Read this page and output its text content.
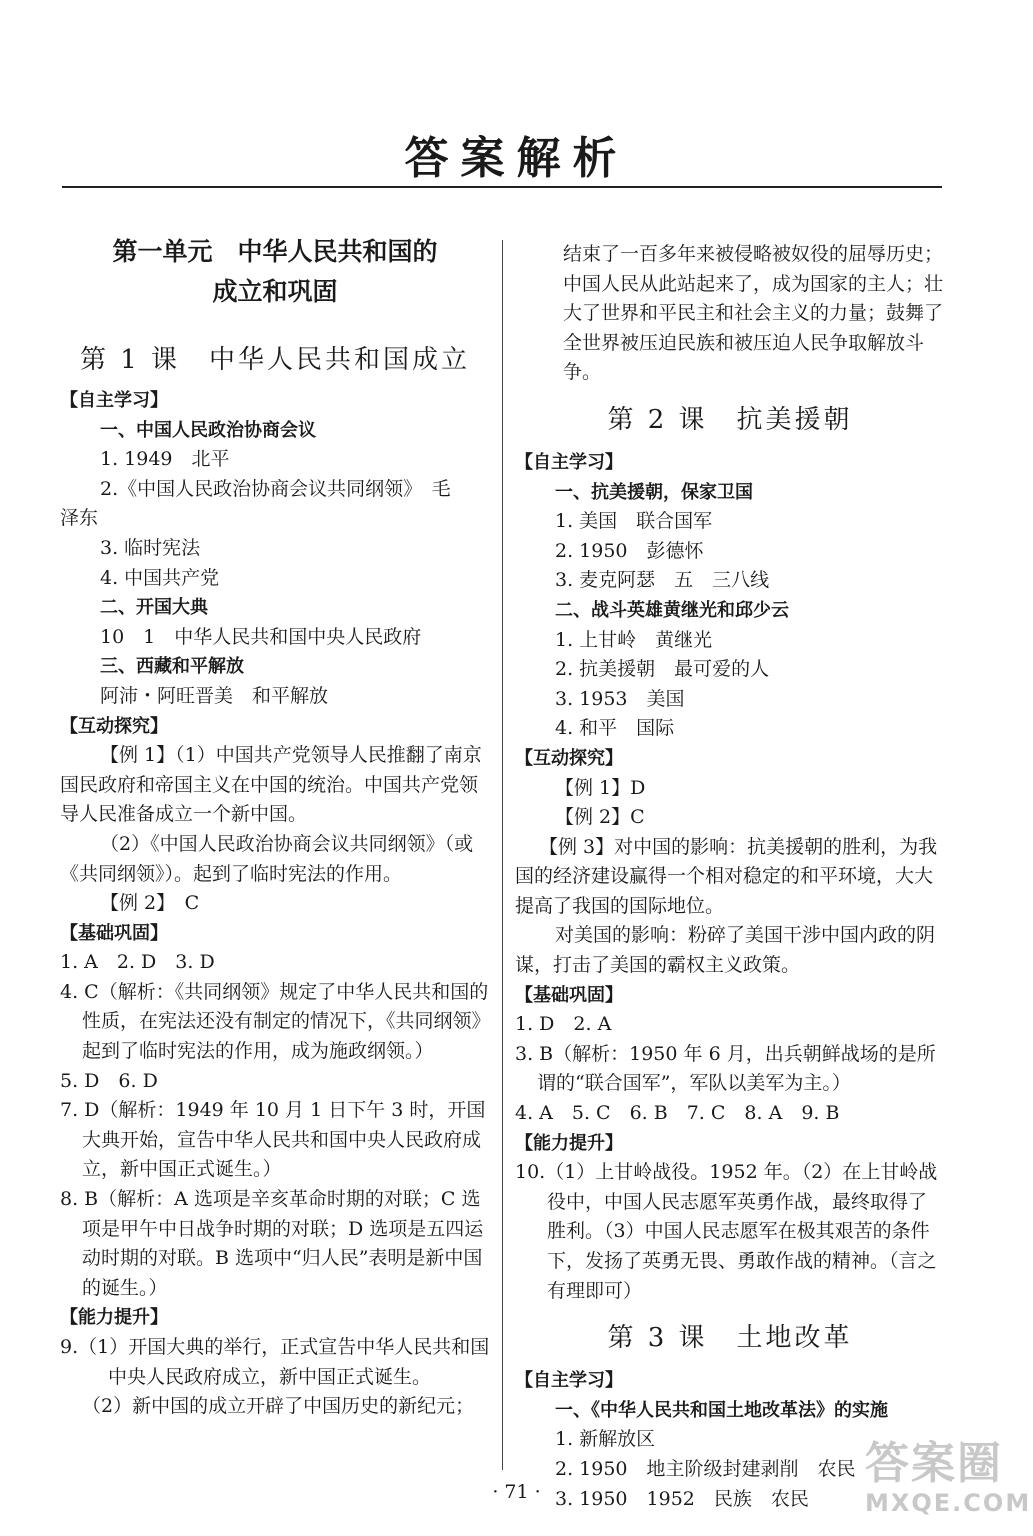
答案解析

第一单元　中华人民共和国的

成立和巩固

第 1 课　中华人民共和国成立

【自主学习】

一、中国人民政治协商会议

1. 1949　北平

2.《中国人民政治协商会议共同纲领》　毛

泽东

3. 临时宪法

4. 中国共产党

二、开国大典

10　1　中华人民共和国中央人民政府

三、西藏和平解放

阿沛・阿旺晋美　和平解放

【互动探究】

【例 1】（1）中国共产党领导人民推翻了南京国民政府和帝国主义在中国的统治。中国共产党领导人民准备成立一个新中国。

（2）《中国人民政治协商会议共同纲领》（或《共同纲领》）。起到了临时宪法的作用。

【例 2】　C

【基础巩固】

1. A　2. D　3. D

4. C（解析：《共同纲领》规定了中华人民共和国的性质，在宪法还没有制定的情况下，《共同纲领》起到了临时宪法的作用，成为施政纲领。）

5. D　6. D

7. D（解析：1949 年 10 月 1 日下午 3 时，开国大典开始，宣告中华人民共和国中央人民政府成立，新中国正式诞生。）

8. B（解析：A 选项是辛亥革命时期的对联；C 选项是甲午中日战争时期的对联；D 选项是五四运动时期的对联。B 选项中“归人民”表明是新中国的诞生。）

【能力提升】

9.（1）开国大典的举行，正式宣告中华人民共和国中央人民政府成立，新中国正式诞生。

（2）新中国的成立开辟了中国历史的新纪元；

结束了一百多年来被侵略被奴役的屈辱历史；中国人民从此站起来了，成为国家的主人；壮大了世界和平民主和社会主义的力量；鼓舞了全世界被压迫民族和被压迫人民争取解放斗争。

第 2 课　抗美援朝

【自主学习】

一、抗美援朝，保家卫国

1. 美国　联合国军

2. 1950　彭德怀

3. 麦克阿瑟　五　三八线

二、战斗英雄黄继光和邱少云

1. 上甘岭　黄继光

2. 抗美援朝　最可爱的人

3. 1953　美国

4. 和平　国际

【互动探究】

【例 1】D

【例 2】C

【例 3】对中国的影响：抗美援朝的胜利，为我国的经济建设赢得一个相对稳定的和平环境，大大提高了我国的国际地位。

对美国的影响：粉碎了美国干涉中国内政的阴谋，打击了美国的霸权主义政策。

【基础巩固】

1. D　2. A

3. B（解析：1950 年 6 月，出兵朝鲜战场的是所谓的“联合国军”，军队以美军为主。）

4. A　5. C　6. B　7. C　8. A　9. B

【能力提升】

10.（1）上甘岭战役。1952 年。（2）在上甘岭战役中，中国人民志愿军英勇作战，最终取得了胜利。（3）中国人民志愿军在极其艰苦的条件下，发扬了英勇无畏、勇敢作战的精神。（言之有理即可）

第 3 课　土地改革

【自主学习】

一、《中华人民共和国土地改革法》的实施

1. 新解放区

2. 1950　地主阶级封建剥削　农民

3. 1950　1952　民族　农民

· 71 ·
答案圈
MXQE.COM
